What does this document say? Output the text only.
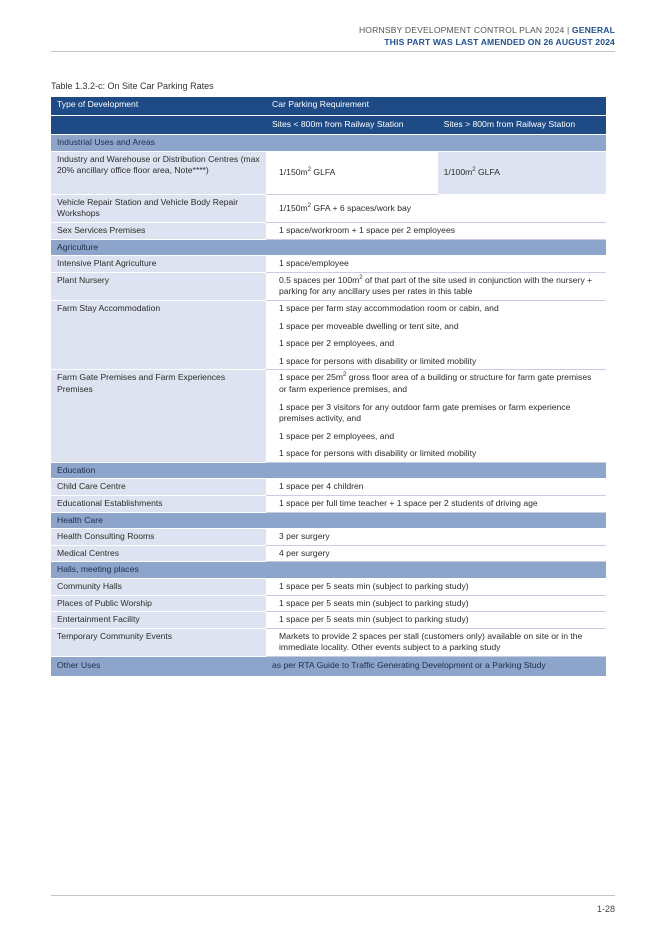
HORNSBY DEVELOPMENT CONTROL PLAN 2024 | GENERAL
THIS PART WAS LAST AMENDED ON 26 AUGUST 2024
Table 1.3.2-c: On Site Car Parking Rates
Type of Development	Car Parking Requirement	
	Sites < 800m from Railway Station	Sites > 800m from Railway Station
Industrial Uses and Areas		
Industry and Warehouse or Distribution Centres (max 20% ancillary office floor area, Note****)	$1/150m^2$ GLFA	$1/100m^2$ GLFA
Vehicle Repair Station and Vehicle Body Repair Workshops	$1/150m^2$ GFA + 6 spaces/work bay	
Sex Services Premises	1 space/workroom + 1 space per 2 employees	
Agriculture		
Intensive Plant Agriculture	1 space/employee	
Plant Nursery	0.5 spaces per $100m^2$ of that part of the site used in conjunction with the nursery + parking for any ancillary uses per rates in this table	
Farm Stay Accommodation	1 space per farm stay accommodation room or cabin, and

1 space per moveable dwelling or tent site, and

1 space per 2 employees, and

1 space for persons with disability or limited mobility	

Farm Gate Premises and Farm Experiences Premises	1 space per $25m^2$ gross floor area of a building or structure for farm gate premises or farm experience premises, and

1 space per 3 visitors for any outdoor farm gate premises or farm experience premises activity, and

1 space per 2 employees, and

1 space for persons with disability or limited mobility	

Education		
Child Care Centre	1 space per 4 children	
Educational Establishments	1 space per full time teacher + 1 space per 2 students of driving age	
Health Care		
Health Consulting Rooms	3 per surgery	
Medical Centres	4 per surgery	
Halls, meeting places		
Community Halls	1 space per 5 seats min (subject to parking study)	
Places of Public Worship	1 space per 5 seats min (subject to parking study)	
Entertainment Facility	1 space per 5 seats min (subject to parking study)	
Temporary Community Events	Markets to provide 2 spaces per stall (customers only) available on site or in the immediate locality. Other events subject to a parking study	
Other Uses	as per RTA Guide to Traffic Generating Development or a Parking Study	
1-28
